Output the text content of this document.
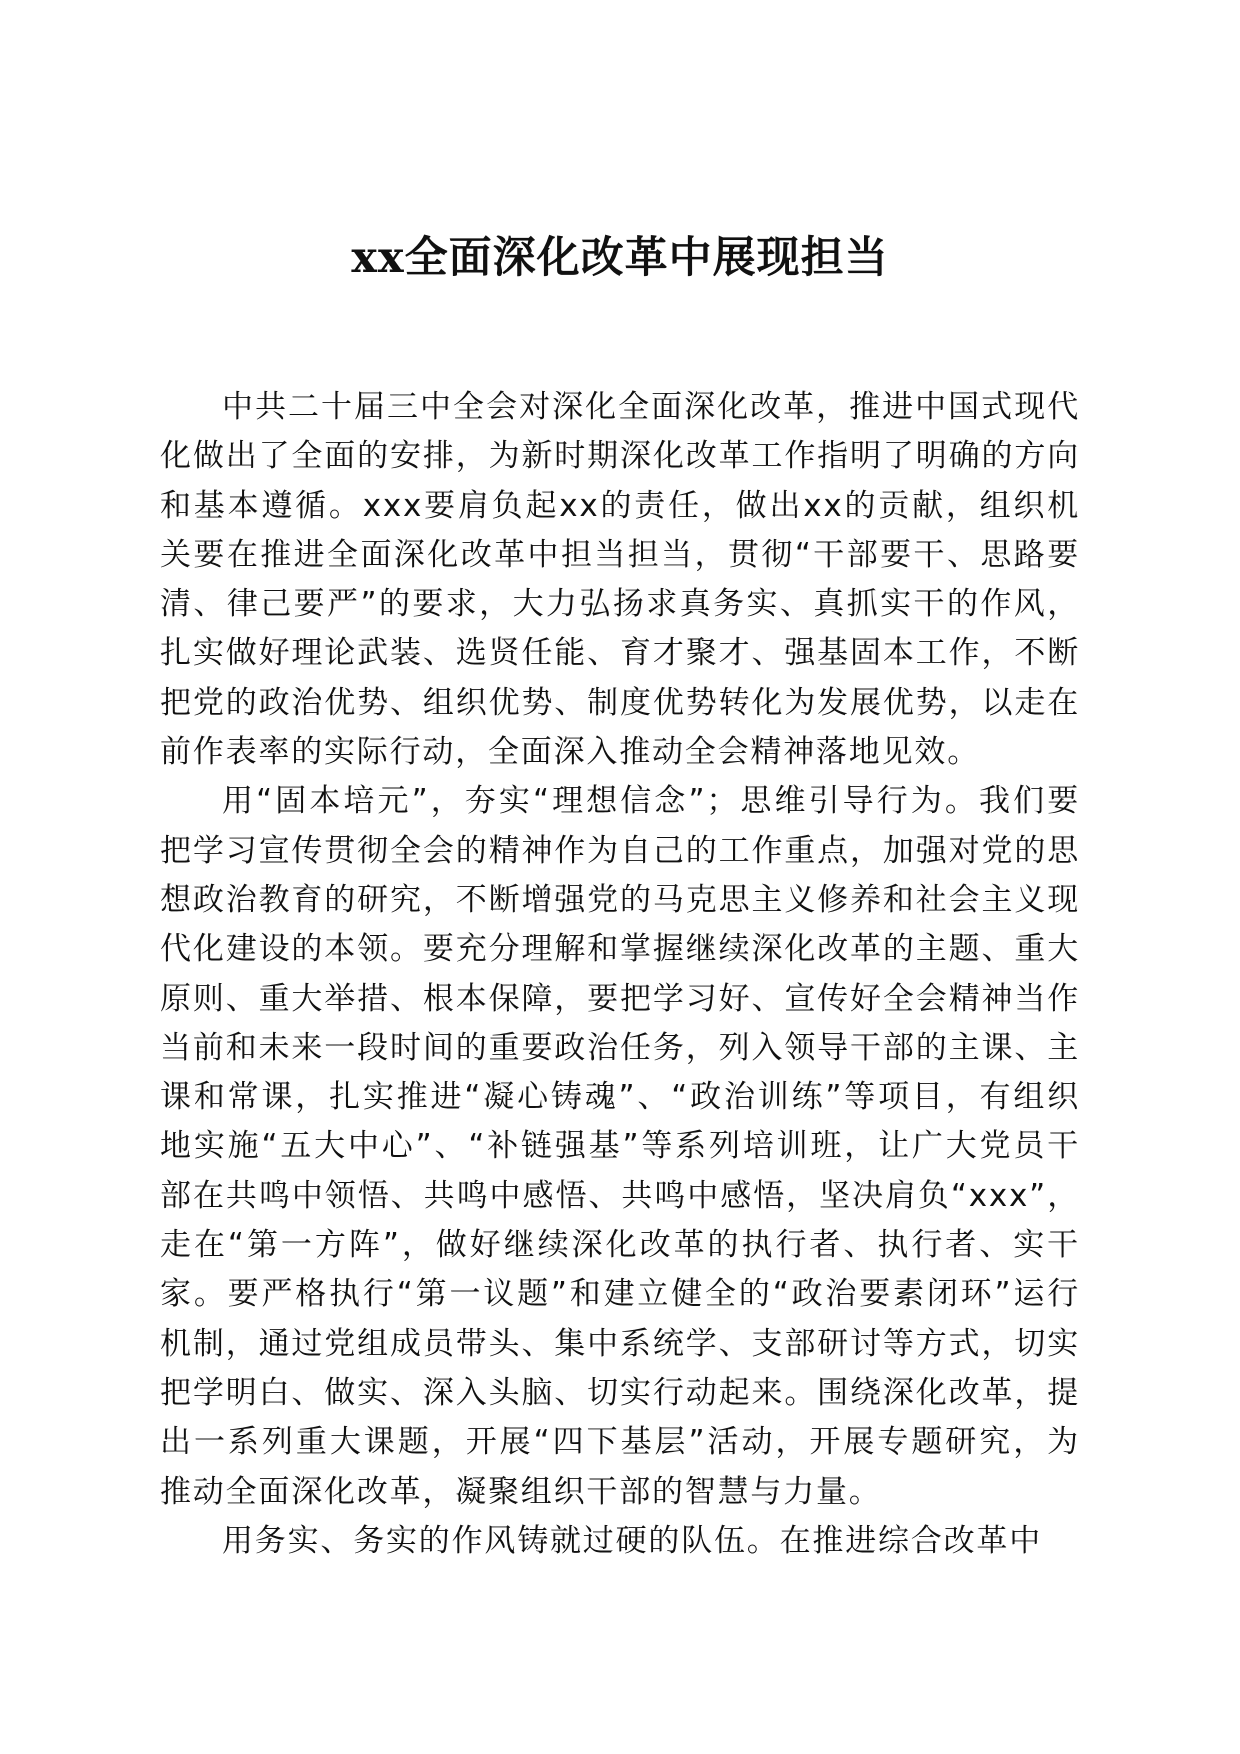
xx全面深化改革中展现担当

中共二十届三中全会对深化全面深化改革，推进中国式现代化做出了全面的安排，为新时期深化改革工作指明了明确的方向和基本遵循。xxx要肩负起xx的责任，做出xx的贡献，组织机关要在推进全面深化改革中担当担当，贯彻“干部要干、思路要清、律己要严”的要求，大力弘扬求真务实、真抓实干的作风，扎实做好理论武装、选贤任能、育才聚才、强基固本工作，不断把党的政治优势、组织优势、制度优势转化为发展优势，以走在前作表率的实际行动，全面深入推动全会精神落地见效。

用“固本培元”，夯实“理想信念”；思维引导行为。我们要把学习宣传贯彻全会的精神作为自己的工作重点，加强对党的思想政治教育的研究，不断增强党的马克思主义修养和社会主义现代化建设的本领。要充分理解和掌握继续深化改革的主题、重大原则、重大举措、根本保障，要把学习好、宣传好全会精神当作当前和未来一段时间的重要政治任务，列入领导干部的主课、主课和常课，扎实推进“凝心铸魂”、“政治训练”等项目，有组织地实施“五大中心”、“补链强基”等系列培训班，让广大党员干部在共鸣中领悟、共鸣中感悟、共鸣中感悟，坚决肩负“xxx”，走在“第一方阵”，做好继续深化改革的执行者、执行者、实干家。要严格执行“第一议题”和建立健全的“政治要素闭环”运行机制，通过党组成员带头、集中系统学、支部研讨等方式，切实把学明白、做实、深入头脑、切实行动起来。围绕深化改革，提出一系列重大课题，开展“四下基层”活动，开展专题研究，为推动全面深化改革，凝聚组织干部的智慧与力量。

用务实、务实的作风铸就过硬的队伍。在推进综合改革中
